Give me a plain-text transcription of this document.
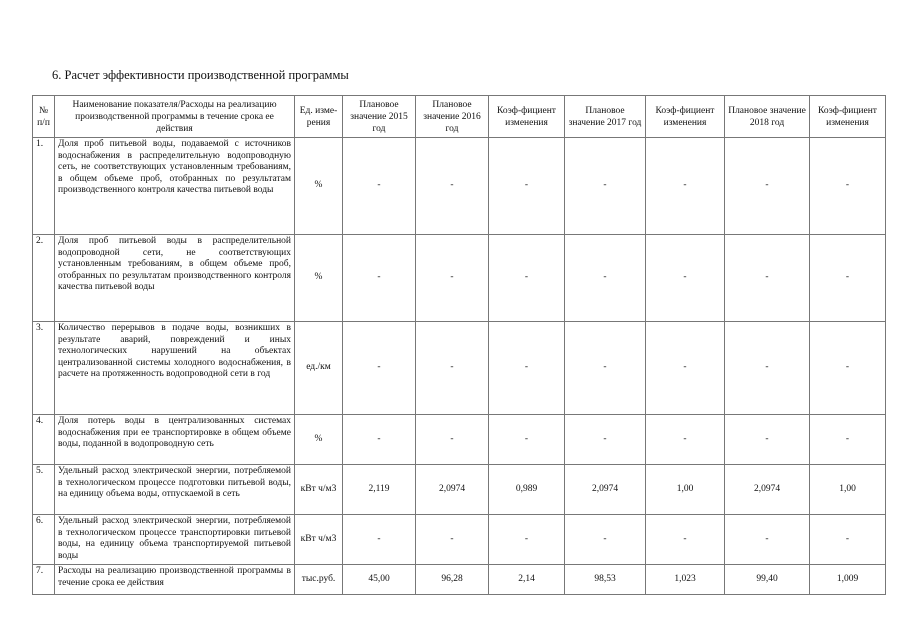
6. Расчет эффективности производственной программы
№ п/п	Наименование показателя/Расходы на реализацию производственной программы в течение срока ее действия	Ед. изме-рения	Плановое значение 2015 год	Плановое значение 2016 год	Коэф-фициент изменения	Плановое значение 2017 год	Коэф-фициент изменения	Плановое значение 2018 год	Коэф-фициент изменения
1.	Доля проб питьевой воды, подаваемой с источников водоснабжения в распределительную водопроводную сеть, не соответствующих установленным требованиям, в общем объеме проб, отобранных по результатам производственного контроля качества питьевой воды	%	-	-	-	-	-	-	-
2.	Доля проб питьевой воды в распределительной водопроводной сети, не соответствующих установленным требованиям, в общем объеме проб, отобранных по результатам производственного контроля качества питьевой воды	%	-	-	-	-	-	-	-
3.	Количество перерывов в подаче воды, возникших в результате аварий, повреждений и иных технологических нарушений на объектах централизованной системы холодного водоснабжения, в расчете на протяженность водопроводной сети в год	ед./км	-	-	-	-	-	-	-
4.	Доля потерь воды в централизованных системах водоснабжения при ее транспортировке в общем объеме воды, поданной в водопроводную сеть	%	-	-	-	-	-	-	-
5.	Удельный расход электрической энергии, потребляемой в технологическом процессе подготовки питьевой воды, на единицу объема воды, отпускаемой в сеть	кВт ч/м3	2,119	2,0974	0,989	2,0974	1,00	2,0974	1,00
6.	Удельный расход электрической энергии, потребляемой в технологическом процессе транспортировки питьевой воды, на единицу объема транспортируемой питьевой воды	кВт ч/м3	-	-	-	-	-	-	-
7.	Расходы на реализацию производственной программы в течение срока ее действия	тыс.руб.	45,00	96,28	2,14	98,53	1,023	99,40	1,009
